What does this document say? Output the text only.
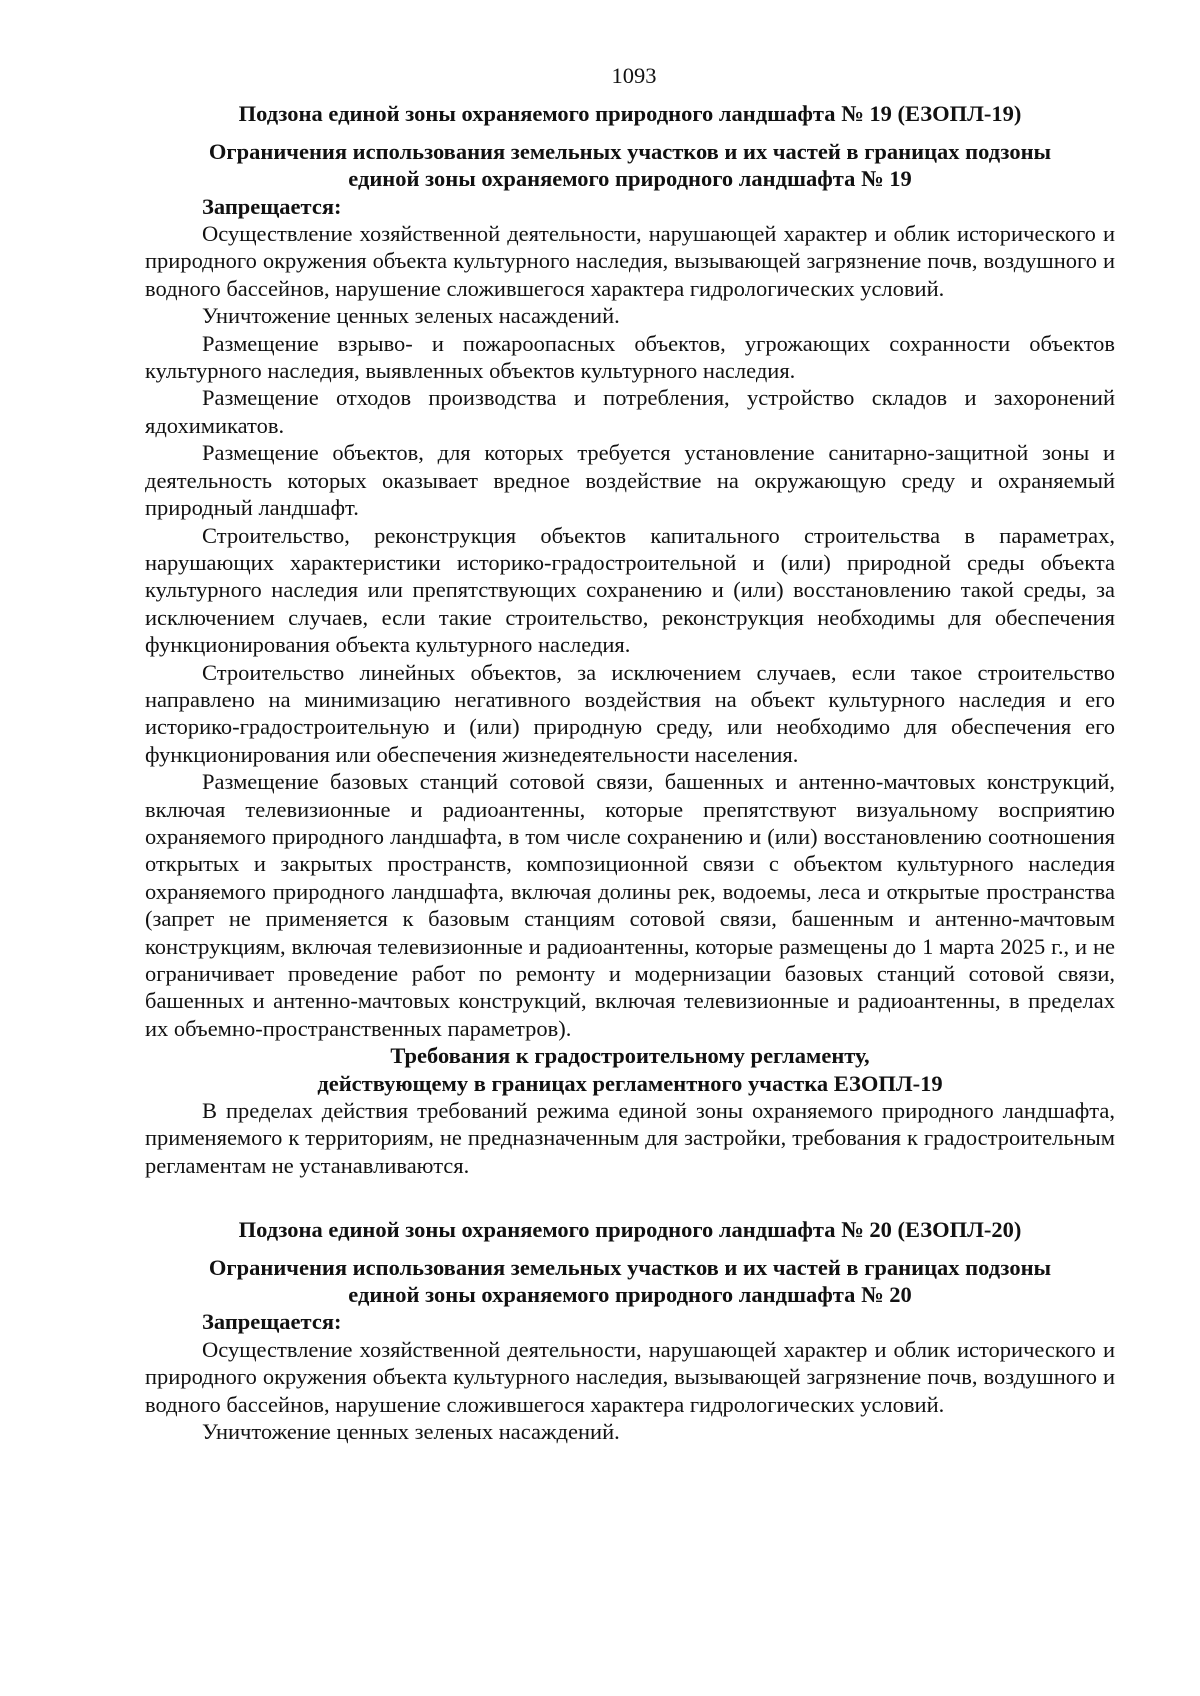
1093
Подзона единой зоны охраняемого природного ландшафта № 19 (ЕЗОПЛ-19)
Ограничения использования земельных участков и их частей в границах подзоны
единой зоны охраняемого природного ландшафта № 19
Запрещается:

Осуществление хозяйственной деятельности, нарушающей характер и облик исторического и природного окружения объекта культурного наследия, вызывающей загрязнение почв, воздушного и водного бассейнов, нарушение сложившегося характера гидрологических условий.

Уничтожение ценных зеленых насаждений.

Размещение взрыво- и пожароопасных объектов, угрожающих сохранности объектов культурного наследия, выявленных объектов культурного наследия.

Размещение отходов производства и потребления, устройство складов и захоронений ядохимикатов.

Размещение объектов, для которых требуется установление санитарно-защитной зоны и деятельность которых оказывает вредное воздействие на окружающую среду и охраняемый природный ландшафт.

Строительство, реконструкция объектов капитального строительства в параметрах, нарушающих характеристики историко-градостроительной и (или) природной среды объекта культурного наследия или препятствующих сохранению и (или) восстановлению такой среды, за исключением случаев, если такие строительство, реконструкция необходимы для обеспечения функционирования объекта культурного наследия.

Строительство линейных объектов, за исключением случаев, если такое строительство направлено на минимизацию негативного воздействия на объект культурного наследия и его историко-градостроительную и (или) природную среду, или необходимо для обеспечения его функционирования или обеспечения жизнедеятельности населения.

Размещение базовых станций сотовой связи, башенных и антенно-мачтовых конструкций, включая телевизионные и радиоантенны, которые препятствуют визуальному восприятию охраняемого природного ландшафта, в том числе сохранению и (или) восстановлению соотношения открытых и закрытых пространств, композиционной связи с объектом культурного наследия охраняемого природного ландшафта, включая долины рек, водоемы, леса и открытые пространства (запрет не применяется к базовым станциям сотовой связи, башенным и антенно-мачтовым конструкциям, включая телевизионные и радиоантенны, которые размещены до 1 марта 2025 г., и не ограничивает проведение работ по ремонту и модернизации базовых станций сотовой связи, башенных и антенно-мачтовых конструкций, включая телевизионные и радиоантенны, в пределах их объемно-пространственных параметров).

Требования к градостроительному регламенту,
действующему в границах регламентного участка ЕЗОПЛ-19

В пределах действия требований режима единой зоны охраняемого природного ландшафта, применяемого к территориям, не предназначенным для застройки, требования к градостроительным регламентам не устанавливаются.

Подзона единой зоны охраняемого природного ландшафта № 20 (ЕЗОПЛ-20)
Ограничения использования земельных участков и их частей в границах подзоны
единой зоны охраняемого природного ландшафта № 20
Запрещается:

Осуществление хозяйственной деятельности, нарушающей характер и облик исторического и природного окружения объекта культурного наследия, вызывающей загрязнение почв, воздушного и водного бассейнов, нарушение сложившегося характера гидрологических условий.

Уничтожение ценных зеленых насаждений.
